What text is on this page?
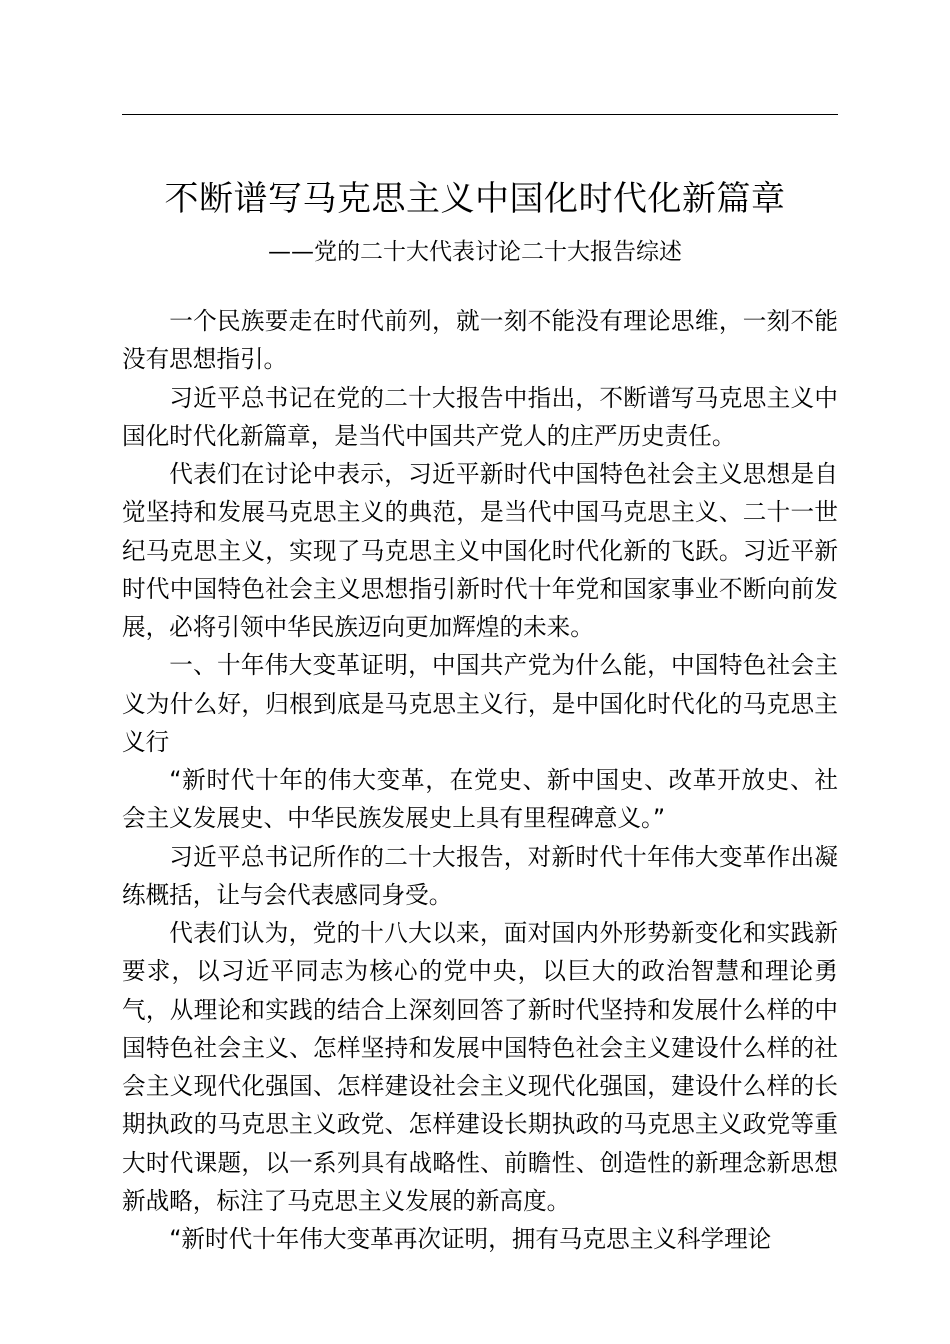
不断谱写马克思主义中国化时代化新篇章
——党的二十大代表讨论二十大报告综述

一个民族要走在时代前列，就一刻不能没有理论思维，一刻不能没有思想指引。

习近平总书记在党的二十大报告中指出，不断谱写马克思主义中国化时代化新篇章，是当代中国共产党人的庄严历史责任。

代表们在讨论中表示，习近平新时代中国特色社会主义思想是自觉坚持和发展马克思主义的典范，是当代中国马克思主义、二十一世纪马克思主义，实现了马克思主义中国化时代化新的飞跃。习近平新时代中国特色社会主义思想指引新时代十年党和国家事业不断向前发展，必将引领中华民族迈向更加辉煌的未来。

一、十年伟大变革证明，中国共产党为什么能，中国特色社会主义为什么好，归根到底是马克思主义行，是中国化时代化的马克思主义行

“新时代十年的伟大变革，在党史、新中国史、改革开放史、社会主义发展史、中华民族发展史上具有里程碑意义。”

习近平总书记所作的二十大报告，对新时代十年伟大变革作出凝练概括，让与会代表感同身受。

代表们认为，党的十八大以来，面对国内外形势新变化和实践新要求，以习近平同志为核心的党中央，以巨大的政治智慧和理论勇气，从理论和实践的结合上深刻回答了新时代坚持和发展什么样的中国特色社会主义、怎样坚持和发展中国特色社会主义建设什么样的社会主义现代化强国、怎样建设社会主义现代化强国，建设什么样的长期执政的马克思主义政党、怎样建设长期执政的马克思主义政党等重大时代课题，以一系列具有战略性、前瞻性、创造性的新理念新思想新战略，标注了马克思主义发展的新高度。

“新时代十年伟大变革再次证明，拥有马克思主义科学理论
